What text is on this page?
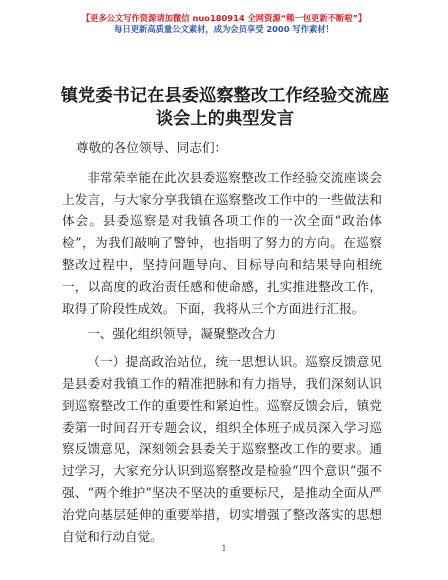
【更多公文写作资源请加微信 nuo180914 全网资源“稀一包更新不断啦”】
每日更新高质量公文素材，成为会员享受 2000 写作素材！
镇党委书记在县委巡察整改工作经验交流座谈会上的典型发言

尊敬的各位领导、同志们：

非常荣幸能在此次县委巡察整改工作经验交流座谈会上发言，与大家分享我镇在巡察整改工作中的一些做法和体会。县委巡察是对我镇各项工作的一次全面“政治体检”，为我们敲响了警钟，也指明了努力的方向。在巡察整改过程中，坚持问题导向、目标导向和结果导向相统一，以高度的政治责任感和使命感，扎实推进整改工作，取得了阶段性成效。下面，我将从三个方面进行汇报。

一、强化组织领导，凝聚整改合力

（一）提高政治站位，统一思想认识。巡察反馈意见是县委对我镇工作的精准把脉和有力指导，我们深刻认识到巡察整改工作的重要性和紧迫性。巡察反馈会后，镇党委第一时间召开专题会议，组织全体班子成员深入学习巡察反馈意见，深刻领会县委关于巡察整改工作的要求。通过学习，大家充分认识到巡察整改是检验“四个意识”强不强、“两个维护”坚决不坚决的重要标尺，是推动全面从严治党向基层延伸的重要举措，切实增强了整改落实的思想自觉和行动自觉。

1
